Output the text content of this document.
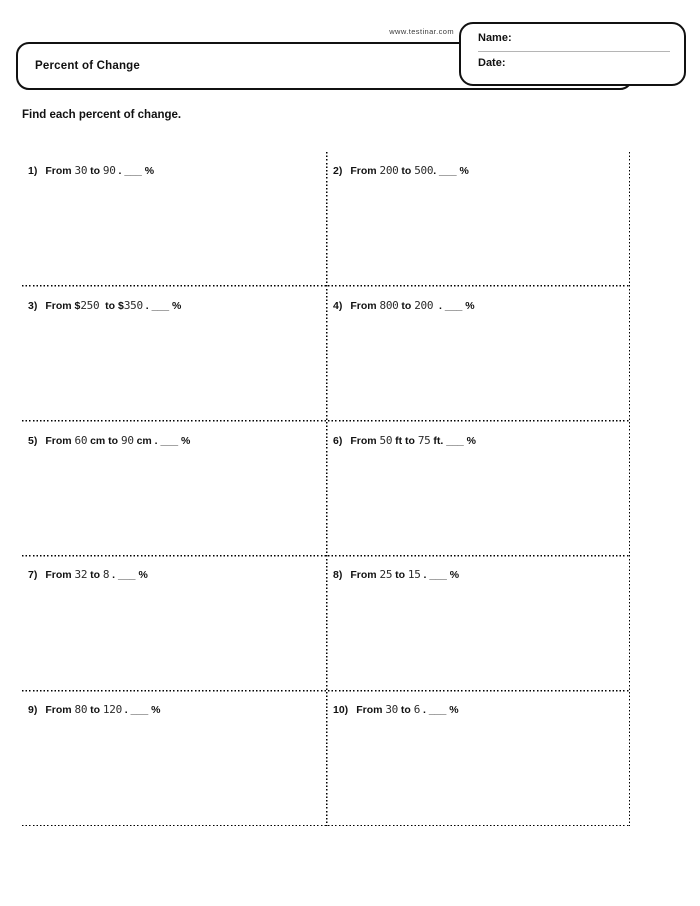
www.testinar.com
Percent of Change
Name:
Date:
Find each percent of change.
1) From 30 to 90 . ___ %	2) From 200 to 500. ___ %
3) From $250  to $350 . ___ %	4) From 800 to 200  . ___ %
5) From 60 cm to 90 cm . ___ %	6) From 50 ft to 75 ft. ___ %
7) From 32 to 8 . ___ %	8) From 25 to 15 . ___ %
9) From 80 to 120 . ___ %	10) From 30 to 6 . ___ %
